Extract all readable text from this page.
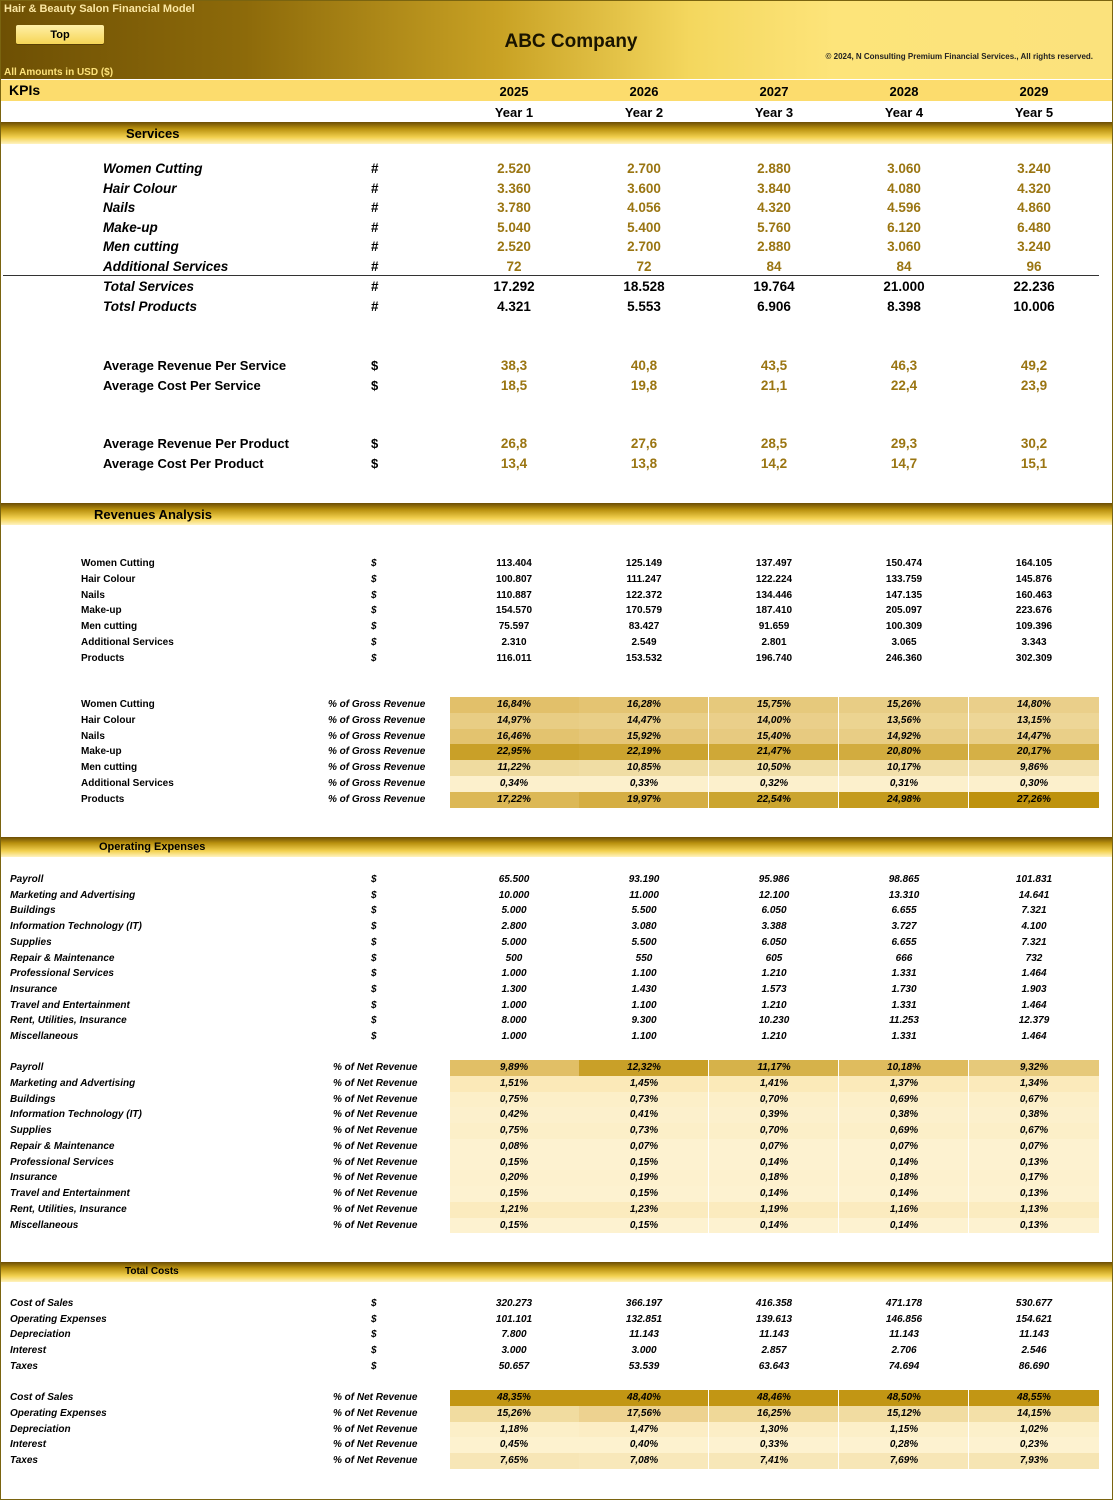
Hair & Beauty Salon Financial Model
Top	ABC Company
© 2024, N Consulting Premium Financial Services., All rights reserved.
All Amounts in USD ($)
KPIs	2025	2026	2027	2028	2029
Year 1	Year 2	Year 3	Year 4	Year 5
Services
Revenues Analysis
Operating Expenses
Total Costs
Women Cutting	#	2.520	2.700	2.880	3.060	3.240
Hair Colour	#	3.360	3.600	3.840	4.080	4.320
Nails	#	3.780	4.056	4.320	4.596	4.860
Make-up	#	5.040	5.400	5.760	6.120	6.480
Men cutting	#	2.520	2.700	2.880	3.060	3.240
Additional Services	#	72	72	84	84	96
Total Services	#	17.292	18.528	19.764	21.000	22.236
Totsl Products	#	4.321	5.553	6.906	8.398	10.006
Average Revenue Per Service	$	38,3	40,8	43,5	46,3	49,2
Average Cost Per Service	$	18,5	19,8	21,1	22,4	23,9
Average Revenue Per Product	$	26,8	27,6	28,5	29,3	30,2
Average Cost Per Product	$	13,4	13,8	14,2	14,7	15,1
Women Cutting	$	113.404	125.149	137.497	150.474	164.105
Hair Colour	$	100.807	111.247	122.224	133.759	145.876
Nails	$	110.887	122.372	134.446	147.135	160.463
Make-up	$	154.570	170.579	187.410	205.097	223.676
Men cutting	$	75.597	83.427	91.659	100.309	109.396
Additional Services	$	2.310	2.549	2.801	3.065	3.343
Products	$	116.011	153.532	196.740	246.360	302.309
Women Cutting	% of Gross Revenue	16,84%	16,28%	15,75%	15,26%	14,80%
Hair Colour	% of Gross Revenue	14,97%	14,47%	14,00%	13,56%	13,15%
Nails	% of Gross Revenue	16,46%	15,92%	15,40%	14,92%	14,47%
Make-up	% of Gross Revenue	22,95%	22,19%	21,47%	20,80%	20,17%
Men cutting	% of Gross Revenue	11,22%	10,85%	10,50%	10,17%	9,86%
Additional Services	% of Gross Revenue	0,34%	0,33%	0,32%	0,31%	0,30%
Products	% of Gross Revenue	17,22%	19,97%	22,54%	24,98%	27,26%
Payroll	$	65.500	93.190	95.986	98.865	101.831
Marketing and Advertising	$	10.000	11.000	12.100	13.310	14.641
Buildings	$	5.000	5.500	6.050	6.655	7.321
Information Technology (IT)	$	2.800	3.080	3.388	3.727	4.100
Supplies	$	5.000	5.500	6.050	6.655	7.321
Repair & Maintenance	$	500	550	605	666	732
Professional Services	$	1.000	1.100	1.210	1.331	1.464
Insurance	$	1.300	1.430	1.573	1.730	1.903
Travel and Entertainment	$	1.000	1.100	1.210	1.331	1.464
Rent, Utilities, Insurance	$	8.000	9.300	10.230	11.253	12.379
Miscellaneous	$	1.000	1.100	1.210	1.331	1.464
Payroll	% of Net Revenue	9,89%	12,32%	11,17%	10,18%	9,32%
Marketing and Advertising	% of Net Revenue	1,51%	1,45%	1,41%	1,37%	1,34%
Buildings	% of Net Revenue	0,75%	0,73%	0,70%	0,69%	0,67%
Information Technology (IT)	% of Net Revenue	0,42%	0,41%	0,39%	0,38%	0,38%
Supplies	% of Net Revenue	0,75%	0,73%	0,70%	0,69%	0,67%
Repair & Maintenance	% of Net Revenue	0,08%	0,07%	0,07%	0,07%	0,07%
Professional Services	% of Net Revenue	0,15%	0,15%	0,14%	0,14%	0,13%
Insurance	% of Net Revenue	0,20%	0,19%	0,18%	0,18%	0,17%
Travel and Entertainment	% of Net Revenue	0,15%	0,15%	0,14%	0,14%	0,13%
Rent, Utilities, Insurance	% of Net Revenue	1,21%	1,23%	1,19%	1,16%	1,13%
Miscellaneous	% of Net Revenue	0,15%	0,15%	0,14%	0,14%	0,13%
Cost of Sales	$	320.273	366.197	416.358	471.178	530.677
Operating Expenses	$	101.101	132.851	139.613	146.856	154.621
Depreciation	$	7.800	11.143	11.143	11.143	11.143
Interest	$	3.000	3.000	2.857	2.706	2.546
Taxes	$	50.657	53.539	63.643	74.694	86.690
Cost of Sales	% of Net Revenue	48,35%	48,40%	48,46%	48,50%	48,55%
Operating Expenses	% of Net Revenue	15,26%	17,56%	16,25%	15,12%	14,15%
Depreciation	% of Net Revenue	1,18%	1,47%	1,30%	1,15%	1,02%
Interest	% of Net Revenue	0,45%	0,40%	0,33%	0,28%	0,23%
Taxes	% of Net Revenue	7,65%	7,08%	7,41%	7,69%	7,93%
